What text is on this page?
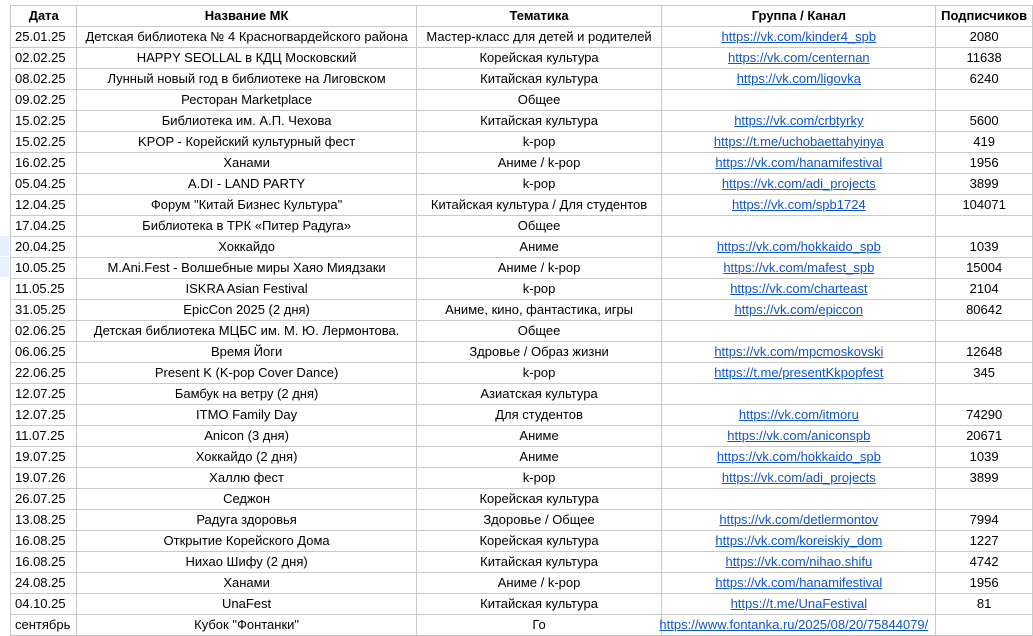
Дата	Название МК	Тематика	Группа / Канал	Подписчиков
25.01.25	Детская библиотека № 4 Красногвардейского района	Мастер-класс для детей и родителей	https://vk.com/kinder4_spb	2080
02.02.25	HAPPY SEOLLAL в КДЦ Московский	Корейская культура	https://vk.com/centernan	11638
08.02.25	Лунный новый год в библиотеке на Лиговском	Китайская культура	https://vk.com/ligovka	6240
09.02.25	Ресторан Marketplace	Общее		
15.02.25	Библиотека им. А.П. Чехова	Китайская культура	https://vk.com/crbtyrky	5600
15.02.25	KPOP - Корейский культурный фест	k-pop	https://t.me/uchobaettahyinya	419
16.02.25	Ханами	Аниме / k-pop	https://vk.com/hanamifestival	1956
05.04.25	A.DI - LAND PARTY	k-pop	https://vk.com/adi_projects	3899
12.04.25	Форум "Китай Бизнес Культура"	Китайская культура / Для студентов	https://vk.com/spb1724	104071
17.04.25	Библиотека в ТРК «Питер Радуга»	Общее		
20.04.25	Хоккайдо	Аниме	https://vk.com/hokkaido_spb	1039
10.05.25	M.Ani.Fest - Волшебные миры Хаяо Миядзаки	Аниме / k-pop	https://vk.com/mafest_spb	15004
11.05.25	ISKRA Asian Festival	k-pop	https://vk.com/charteast	2104
31.05.25	EpicCon 2025 (2 дня)	Аниме, кино, фантастика, игры	https://vk.com/epiccon	80642
02.06.25	Детская библиотека МЦБС им. М. Ю. Лермонтова.	Общее		
06.06.25	Время Йоги	Здровье / Образ жизни	https://vk.com/mpcmoskovski	12648
22.06.25	Present K (K-pop Cover Dance)	k-pop	https://t.me/presentKkpopfest	345
12.07.25	Бамбук на ветру (2 дня)	Азиатская культура		
12.07.25	ITMO Family Day	Для студентов	https://vk.com/itmoru	74290
11.07.25	Anicon (3 дня)	Аниме	https://vk.com/aniconspb	20671
19.07.25	Хоккайдо (2 дня)	Аниме	https://vk.com/hokkaido_spb	1039
19.07.26	Халлю фест	k-pop	https://vk.com/adi_projects	3899
26.07.25	Седжон	Корейская культура		
13.08.25	Радуга здоровья	Здоровье / Общее	https://vk.com/detlermontov	7994
16.08.25	Открытие Корейского Дома	Корейская культура	https://vk.com/koreiskiy_dom	1227
16.08.25	Нихао Шифу (2 дня)	Китайская культура	https://vk.com/nihao.shifu	4742
24.08.25	Ханами	Аниме / k-pop	https://vk.com/hanamifestival	1956
04.10.25	UnaFest	Китайская культура	https://t.me/UnaFestival	81
сентябрь	Кубок "Фонтанки"	Го	https://www.fontanka.ru/2025/08/20/75844079/	
